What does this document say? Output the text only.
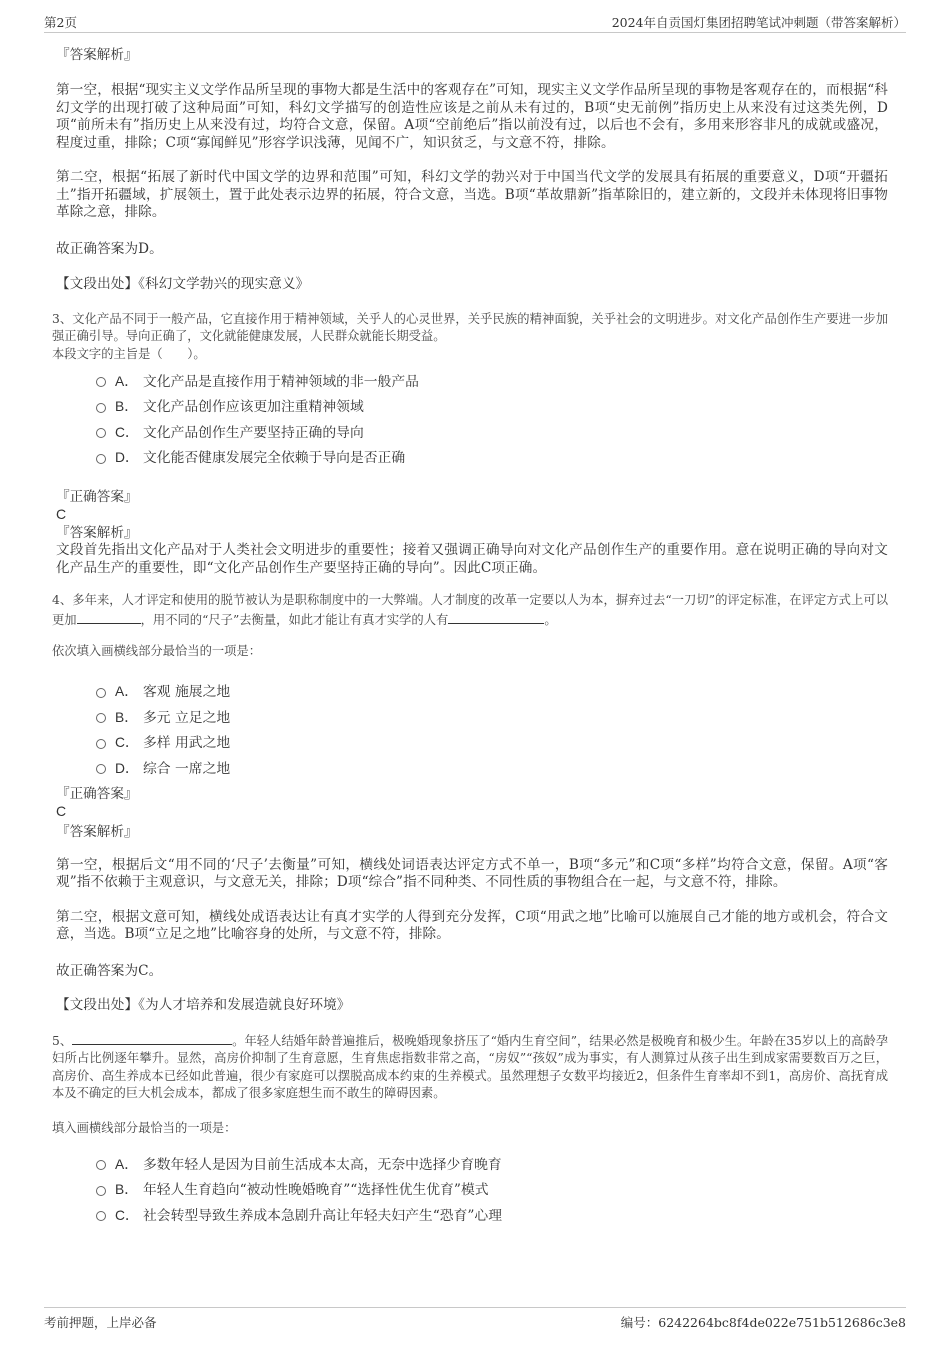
第2页	2024年自贡国灯集团招聘笔试冲刺题（带答案解析）

『答案解析』

第一空，根据“现实主义文学作品所呈现的事物大都是生活中的客观存在”可知，现实主义文学作品所呈现的事物是客观存在的，而根据“科幻文学的出现打破了这种局面”可知，科幻文学描写的创造性应该是之前从未有过的，B项“史无前例”指历史上从来没有过这类先例，D项“前所未有”指历史上从来没有过，均符合文意，保留。A项“空前绝后”指以前没有过，以后也不会有，多用来形容非凡的成就或盛况，程度过重，排除；C项“寡闻鲜见”形容学识浅薄，见闻不广，知识贫乏，与文意不符，排除。

第二空，根据“拓展了新时代中国文学的边界和范围”可知，科幻文学的勃兴对于中国当代文学的发展具有拓展的重要意义，D项“开疆拓土”指开拓疆域，扩展领土，置于此处表示边界的拓展，符合文意，当选。B项“革故鼎新”指革除旧的，建立新的，文段并未体现将旧事物革除之意，排除。

故正确答案为D。

【文段出处】《科幻文学勃兴的现实意义》

3、文化产品不同于一般产品，它直接作用于精神领域，关乎人的心灵世界，关乎民族的精神面貌，关乎社会的文明进步。对文化产品创作生产要进一步加强正确引导。导向正确了，文化就能健康发展，人民群众就能长期受益。

本段文字的主旨是（　　）。

A． 文化产品是直接作用于精神领域的非一般产品
B． 文化产品创作应该更加注重精神领域
C． 文化产品创作生产要坚持正确的导向
D． 文化能否健康发展完全依赖于导向是否正确

『正确答案』

C

『答案解析』

文段首先指出文化产品对于人类社会文明进步的重要性；接着又强调正确导向对文化产品创作生产的重要作用。意在说明正确的导向对文化产品生产的重要性，即“文化产品创作生产要坚持正确的导向”。因此C项正确。

4、多年来，人才评定和使用的脱节被认为是职称制度中的一大弊端。人才制度的改革一定要以人为本，摒弃过去“一刀切”的评定标准，在评定方式上可以更加	，用不同的“尺子”去衡量，如此才能让有真才实学的人有	。

依次填入画横线部分最恰当的一项是：

A． 客观 施展之地
B． 多元 立足之地
C． 多样 用武之地
D． 综合 一席之地

『正确答案』

C

『答案解析』

第一空，根据后文“用不同的‘尺子’去衡量”可知，横线处词语表达评定方式不单一，B项“多元”和C项“多样”均符合文意，保留。A项“客观”指不依赖于主观意识，与文意无关，排除；D项“综合”指不同种类、不同性质的事物组合在一起，与文意不符，排除。

第二空，根据文意可知，横线处成语表达让有真才实学的人得到充分发挥，C项“用武之地”比喻可以施展自己才能的地方或机会，符合文意，当选。B项“立足之地”比喻容身的处所，与文意不符，排除。

故正确答案为C。

【文段出处】《为人才培养和发展造就良好环境》

5、	。年轻人结婚年龄普遍推后，极晚婚现象挤压了“婚内生育空间”，结果必然是极晚育和极少生。年龄在35岁以上的高龄孕妇所占比例逐年攀升。显然，高房价抑制了生育意愿，生育焦虑指数非常之高，“房奴”“孩奴”成为事实，有人测算过从孩子出生到成家需要数百万之巨，高房价、高生养成本已经如此普遍，很少有家庭可以摆脱高成本约束的生养模式。虽然理想子女数平均接近2，但条件生育率却不到1，高房价、高抚育成本及不确定的巨大机会成本，都成了很多家庭想生而不敢生的障碍因素。

填入画横线部分最恰当的一项是：

A． 多数年轻人是因为目前生活成本太高，无奈中选择少育晚育
B． 年轻人生育趋向“被动性晚婚晚育”“选择性优生优育”模式
C． 社会转型导致生养成本急剧升高让年轻夫妇产生“恐育”心理
考前押题，上岸必备	编号：6242264bc8f4de022e751b512686c3e8
